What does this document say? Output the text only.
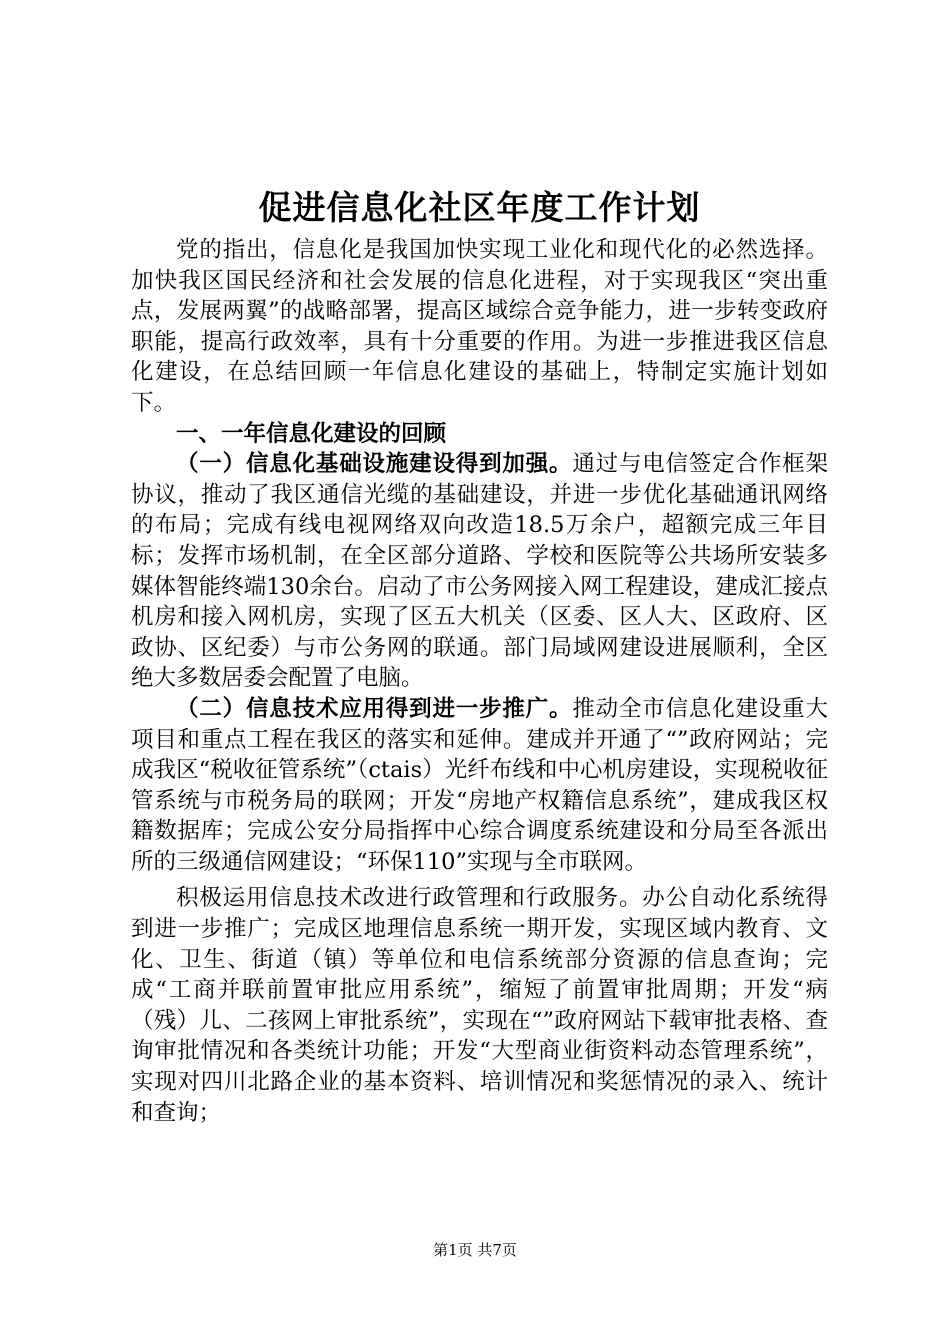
促进信息化社区年度工作计划

党的指出，信息化是我国加快实现工业化和现代化的必然选择。加快我区国民经济和社会发展的信息化进程，对于实现我区“突出重点，发展两翼”的战略部署，提高区域综合竞争能力，进一步转变政府职能，提高行政效率，具有十分重要的作用。为进一步推进我区信息化建设，在总结回顾一年信息化建设的基础上，特制定实施计划如下。

一、一年信息化建设的回顾

（一）信息化基础设施建设得到加强。通过与电信签定合作框架协议，推动了我区通信光缆的基础建设，并进一步优化基础通讯网络的布局；完成有线电视网络双向改造18.5万余户，超额完成三年目标；发挥市场机制，在全区部分道路、学校和医院等公共场所安装多媒体智能终端130余台。启动了市公务网接入网工程建设，建成汇接点机房和接入网机房，实现了区五大机关（区委、区人大、区政府、区政协、区纪委）与市公务网的联通。部门局域网建设进展顺利，全区绝大多数居委会配置了电脑。

（二）信息技术应用得到进一步推广。推动全市信息化建设重大项目和重点工程在我区的落实和延伸。建成并开通了“”政府网站；完成我区“税收征管系统”（ctais）光纤布线和中心机房建设，实现税收征管系统与市税务局的联网；开发“房地产权籍信息系统”，建成我区权籍数据库；完成公安分局指挥中心综合调度系统建设和分局至各派出所的三级通信网建设；“环保110”实现与全市联网。

积极运用信息技术改进行政管理和行政服务。办公自动化系统得到进一步推广；完成区地理信息系统一期开发，实现区域内教育、文化、卫生、街道（镇）等单位和电信系统部分资源的信息查询；完成“工商并联前置审批应用系统”，缩短了前置审批周期；开发“病（残）儿、二孩网上审批系统”，实现在“”政府网站下载审批表格、查询审批情况和各类统计功能；开发“大型商业街资料动态管理系统”，实现对四川北路企业的基本资料、培训情况和奖惩情况的录入、统计和查询；

第1页 共7页
